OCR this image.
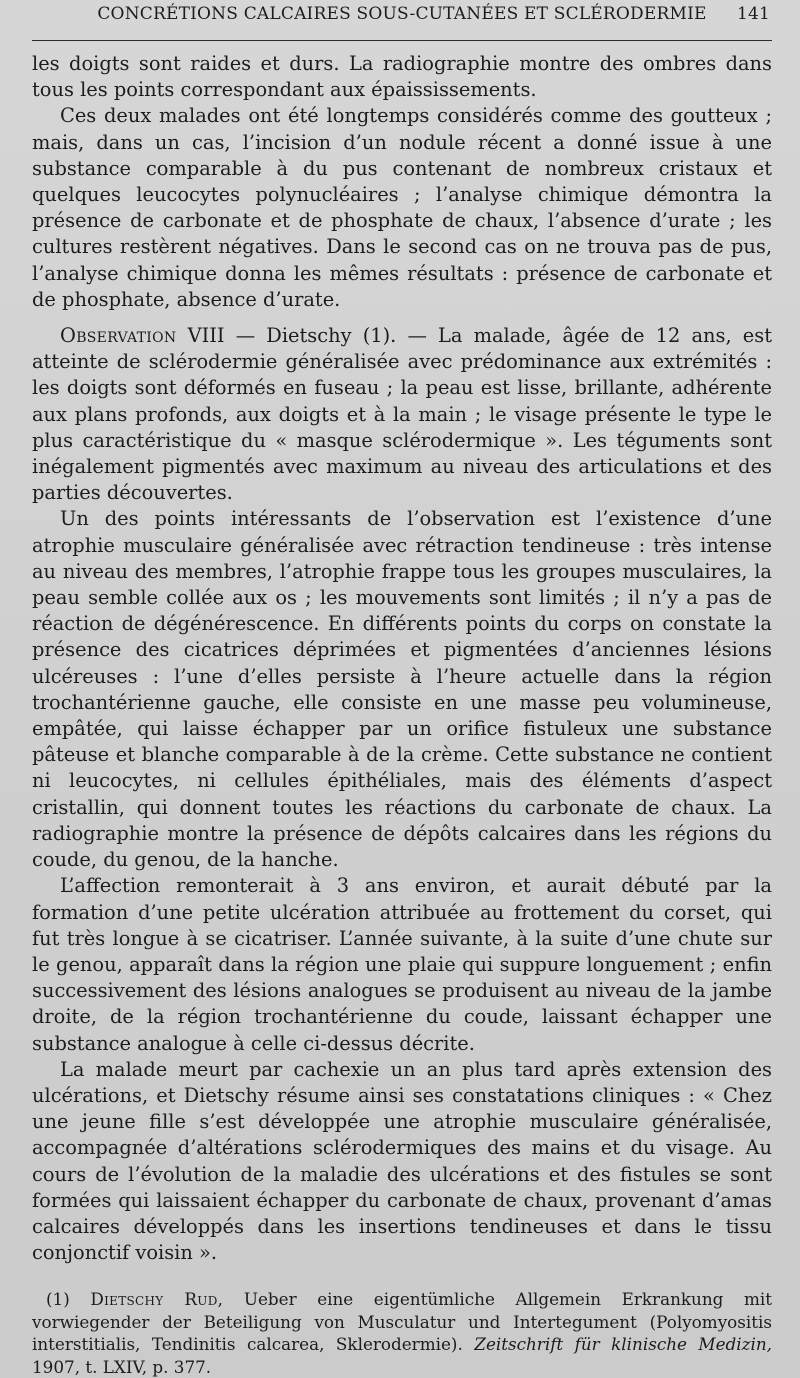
CONCRÉTIONS CALCAIRES SOUS-CUTANÉES ET SCLÉRODERMIE 141

les doigts sont raides et durs. La radiographie montre des ombres dans tous les points correspondant aux épaississements.

Ces deux malades ont été longtemps considérés comme des goutteux ; mais, dans un cas, l’incision d’un nodule récent a donné issue à une substance comparable à du pus contenant de nombreux cristaux et quelques leucocytes polynucléaires ; l’analyse chimique démontra la présence de carbonate et de phosphate de chaux, l’absence d’urate ; les cultures restèrent négatives. Dans le second cas on ne trouva pas de pus, l’analyse chimique donna les mêmes résultats : présence de carbonate et de phosphate, absence d’urate.

Observation VIII — Dietschy (1). — La malade, âgée de 12 ans, est atteinte de sclérodermie généralisée avec prédominance aux extrémités : les doigts sont déformés en fuseau ; la peau est lisse, brillante, adhérente aux plans profonds, aux doigts et à la main ; le visage présente le type le plus caractéristique du « masque sclérodermique ». Les téguments sont inégalement pigmentés avec maximum au niveau des articulations et des parties découvertes.

Un des points intéressants de l’observation est l’existence d’une atrophie musculaire généralisée avec rétraction tendineuse : très intense au niveau des membres, l’atrophie frappe tous les groupes musculaires, la peau semble collée aux os ; les mouvements sont limités ; il n’y a pas de réaction de dégénérescence. En différents points du corps on constate la présence des cicatrices déprimées et pigmentées d’anciennes lésions ulcéreuses : l’une d’elles persiste à l’heure actuelle dans la région trochantérienne gauche, elle consiste en une masse peu volumineuse, empâtée, qui laisse échapper par un orifice fistuleux une substance pâteuse et blanche comparable à de la crème. Cette substance ne contient ni leucocytes, ni cellules épithéliales, mais des éléments d’aspect cristallin, qui donnent toutes les réactions du carbonate de chaux. La radiographie montre la présence de dépôts calcaires dans les régions du coude, du genou, de la hanche.

L’affection remonterait à 3 ans environ, et aurait débuté par la formation d’une petite ulcération attribuée au frottement du corset, qui fut très longue à se cicatriser. L’année suivante, à la suite d’une chute sur le genou, apparaît dans la région une plaie qui suppure longuement ; enfin successivement des lésions analogues se produisent au niveau de la jambe droite, de la région trochantérienne du coude, laissant échapper une substance analogue à celle ci-dessus décrite.

La malade meurt par cachexie un an plus tard après extension des ulcérations, et Dietschy résume ainsi ses constatations cliniques : « Chez une jeune fille s’est développée une atrophie musculaire généralisée, accompagnée d’altérations sclérodermiques des mains et du visage. Au cours de l’évolution de la maladie des ulcérations et des fistules se sont formées qui laissaient échapper du carbonate de chaux, provenant d’amas calcaires développés dans les insertions tendineuses et dans le tissu conjonctif voisin ».

(1) Dietschy Rud, Ueber eine eigentümliche Allgemein Erkrankung mit vorwiegender der Beteiligung von Musculatur und Intertegument (Polyomyositis interstitialis, Tendinitis calcarea, Sklerodermie). Zeitschrift für klinische Medizin, 1907, t. LXIV, p. 377.
